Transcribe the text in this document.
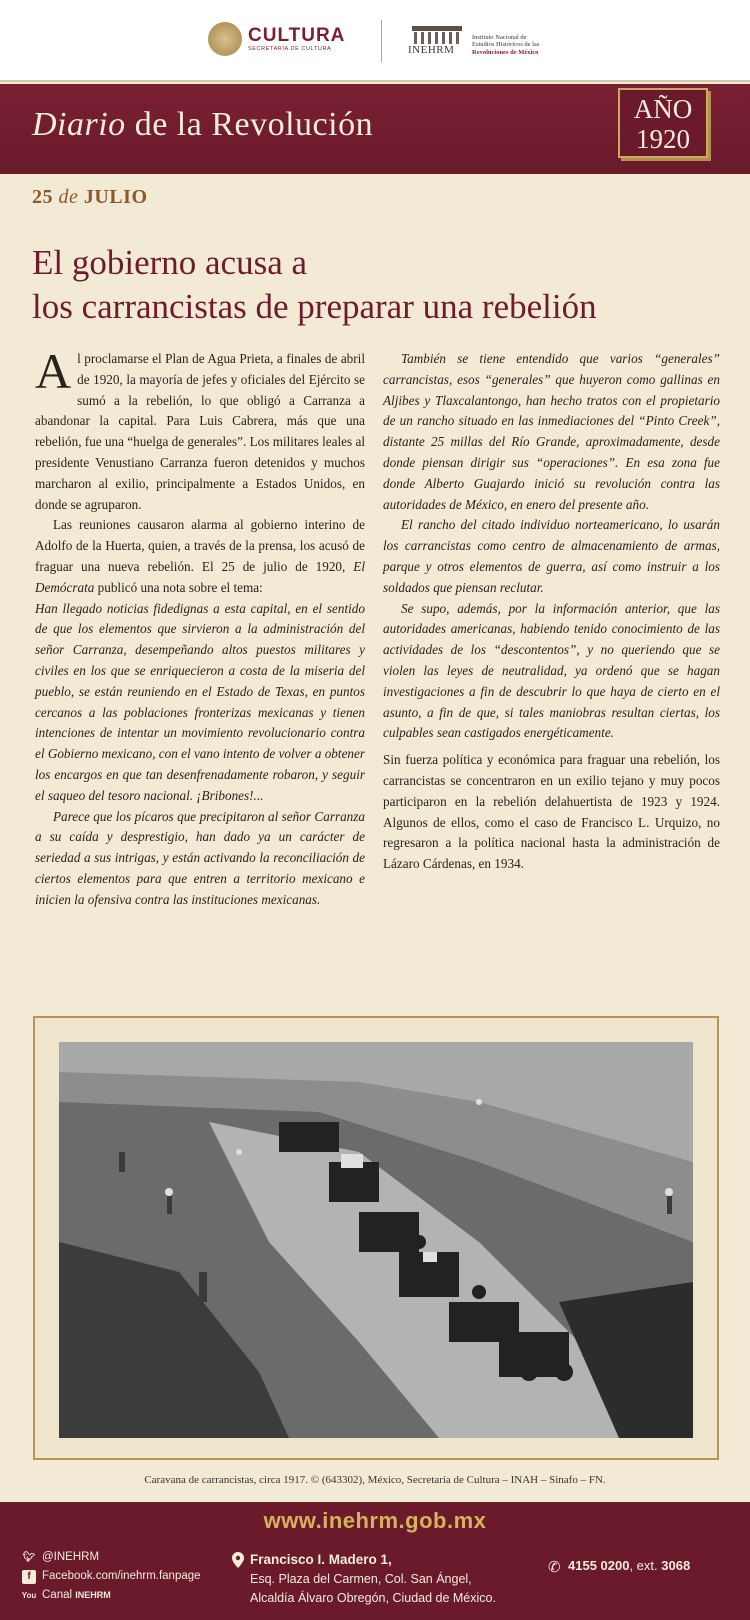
CULTURA
SECRETARÍA DE CULTURA	INEHRM
Instituto Nacional de
Estudios Históricos de las
Revoluciones de México
Diario de la Revolución	AÑO
1920
25 de JULIO
El gobierno acusa a
los carrancistas de preparar una rebelión

Al proclamarse el Plan de Agua Prieta, a finales de abril de 1920, la mayoría de jefes y oficiales del Ejército se sumó a la rebelión, lo que obligó a Carranza a abandonar la capital. Para Luis Cabrera, más que una rebelión, fue una “huelga de generales”. Los militares leales al presidente Venustiano Carranza fueron detenidos y muchos marcharon al exilio, principalmente a Estados Unidos, en donde se agruparon.

Las reuniones causaron alarma al gobierno interino de Adolfo de la Huerta, quien, a través de la prensa, los acusó de fraguar una nueva rebelión. El 25 de julio de 1920, El Demócrata publicó una nota sobre el tema:

Han llegado noticias fidedignas a esta capital, en el sentido de que los elementos que sirvieron a la administración del señor Carranza, desempeñando altos puestos militares y civiles en los que se enriquecieron a costa de la miseria del pueblo, se están reuniendo en el Estado de Texas, en puntos cercanos a las poblaciones fronterizas mexicanas y tienen intenciones de intentar un movimiento revolucionario contra el Gobierno mexicano, con el vano intento de volver a obtener los encargos en que tan desenfrenadamente robaron, y seguir el saqueo del tesoro nacional. ¡Bribones!...

Parece que los pícaros que precipitaron al señor Carranza a su caída y desprestigio, han dado ya un carácter de seriedad a sus intrigas, y están activando la reconciliación de ciertos elementos para que entren a territorio mexicano e inicien la ofensiva contra las instituciones mexicanas.

También se tiene entendido que varios “generales” carrancistas, esos “generales” que huyeron como gallinas en Aljibes y Tlaxcalantongo, han hecho tratos con el propietario de un rancho situado en las inmediaciones del “Pinto Creek”, distante 25 millas del Río Grande, aproximadamente, desde donde piensan dirigir sus “operaciones”. En esa zona fue donde Alberto Guajardo inició su revolución contra las autoridades de México, en enero del presente año.

El rancho del citado individuo norteamericano, lo usarán los carrancistas como centro de almacenamiento de armas, parque y otros elementos de guerra, así como instruir a los soldados que piensan reclutar.

Se supo, además, por la información anterior, que las autoridades americanas, habiendo tenido conocimiento de las actividades de los “descontentos”, y no queriendo que se violen las leyes de neutralidad, ya ordenó que se hagan investigaciones a fin de descubrir lo que haya de cierto en el asunto, a fin de que, si tales maniobras resultan ciertas, los culpables sean castigados energéticamente.

Sin fuerza política y económica para fraguar una rebelión, los carrancistas se concentraron en un exilio tejano y muy pocos participaron en la rebelión delahuertista de 1923 y 1924. Algunos de ellos, como el caso de Francisco L. Urquizo, no regresaron a la política nacional hasta la administración de Lázaro Cárdenas, en 1934.

Caravana de carrancistas, circa 1917. © (643302), México, Secretaría de Cultura – INAH – Sinafo – FN.
www.inehrm.gob.mx
🐦︎ @INEHRM
f Facebook.com/inehrm.fanpage
You Canal INEHRM
Francisco I. Madero 1,
Esq. Plaza del Carmen, Col. San Ángel,
Alcaldía Álvaro Obregón, Ciudad de México.
✆ 4155 0200, ext. 3068
